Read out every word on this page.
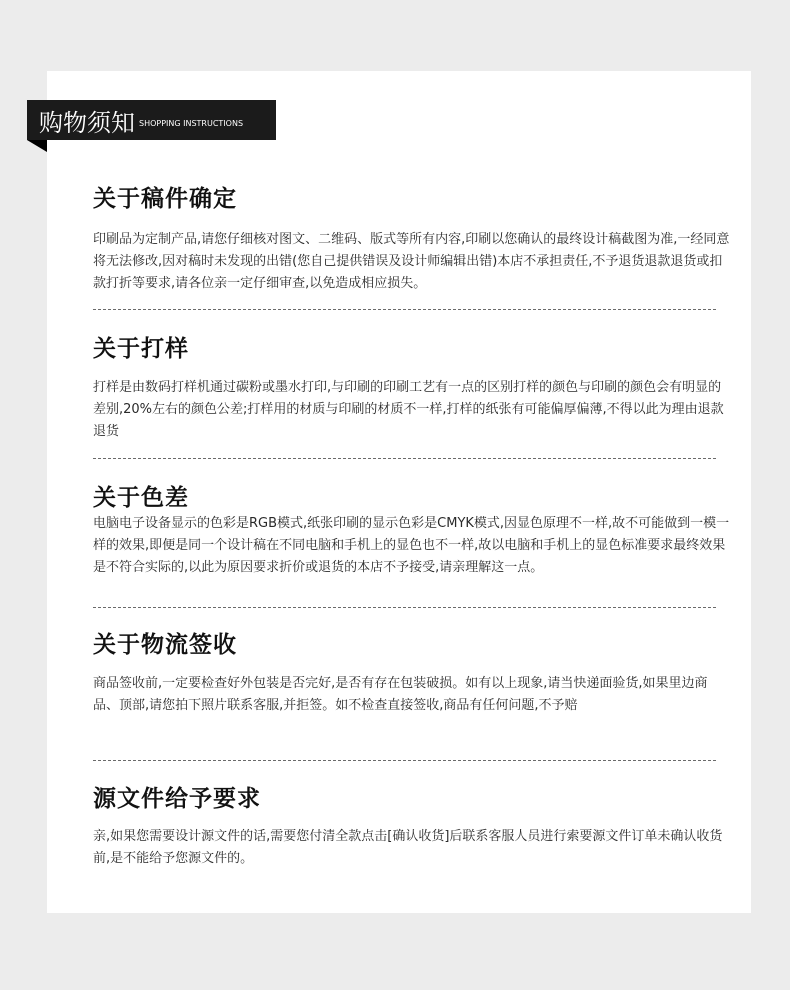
购物须知 SHOPPING INSTRUCTIONS
关于稿件确定

印刷品为定制产品,请您仔细核对图文、二维码、版式等所有内容,印刷以您确认的最终设计稿截图为准,一经同意将无法修改,因对稿时未发现的出错(您自己提供错误及设计师编辑出错)本店不承担责任,不予退货退款退货或扣款打折等要求,请各位亲一定仔细审查,以免造成相应损失。

关于打样

打样是由数码打样机通过碳粉或墨水打印,与印刷的印刷工艺有一点的区别打样的颜色与印刷的颜色会有明显的差别,20%左右的颜色公差;打样用的材质与印刷的材质不一样,打样的纸张有可能偏厚偏薄,不得以此为理由退款退货

关于色差

电脑电子设备显示的色彩是RGB模式,纸张印刷的显示色彩是CMYK模式,因显色原理不一样,故不可能做到一模一样的效果,即便是同一个设计稿在不同电脑和手机上的显色也不一样,故以电脑和手机上的显色标准要求最终效果是不符合实际的,以此为原因要求折价或退货的本店不予接受,请亲理解这一点。

关于物流签收

商品签收前,一定要检查好外包装是否完好,是否有存在包装破损。如有以上现象,请当快递面验货,如果里边商品、顶部,请您拍下照片联系客服,并拒签。如不检查直接签收,商品有任何问题,不予赔

源文件给予要求

亲,如果您需要设计源文件的话,需要您付清全款点击[确认收货]后联系客服人员进行索要源文件订单未确认收货前,是不能给予您源文件的。
